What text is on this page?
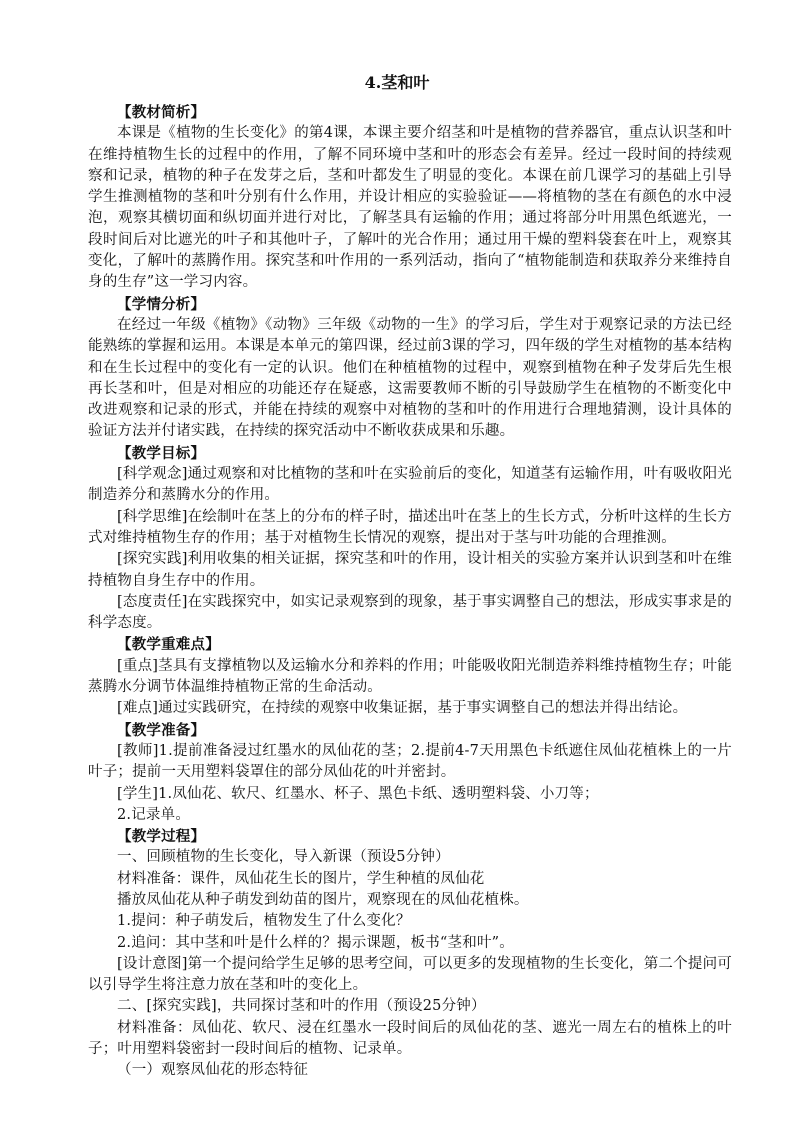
4.茎和叶

【教材简析】

本课是《植物的生长变化》的第4课，本课主要介绍茎和叶是植物的营养器官，重点认识茎和叶在维持植物生长的过程中的作用，了解不同环境中茎和叶的形态会有差异。经过一段时间的持续观察和记录，植物的种子在发芽之后，茎和叶都发生了明显的变化。本课在前几课学习的基础上引导学生推测植物的茎和叶分别有什么作用，并设计相应的实验验证——将植物的茎在有颜色的水中浸泡，观察其横切面和纵切面并进行对比，了解茎具有运输的作用；通过将部分叶用黑色纸遮光，一段时间后对比遮光的叶子和其他叶子，了解叶的光合作用；通过用干燥的塑料袋套在叶上，观察其变化，了解叶的蒸腾作用。探究茎和叶作用的一系列活动，指向了“植物能制造和获取养分来维持自身的生存”这一学习内容。

【学情分析】

在经过一年级《植物》《动物》三年级《动物的一生》的学习后，学生对于观察记录的方法已经能熟练的掌握和运用。本课是本单元的第四课，经过前3课的学习，四年级的学生对植物的基本结构和在生长过程中的变化有一定的认识。他们在种植植物的过程中，观察到植物在种子发芽后先生根再长茎和叶，但是对相应的功能还存在疑惑，这需要教师不断的引导鼓励学生在植物的不断变化中改进观察和记录的形式，并能在持续的观察中对植物的茎和叶的作用进行合理地猜测，设计具体的验证方法并付诸实践，在持续的探究活动中不断收获成果和乐趣。

【教学目标】

[科学观念]通过观察和对比植物的茎和叶在实验前后的变化，知道茎有运输作用，叶有吸收阳光制造养分和蒸腾水分的作用。

[科学思维]在绘制叶在茎上的分布的样子时，描述出叶在茎上的生长方式，分析叶这样的生长方式对维持植物生存的作用；基于对植物生长情况的观察，提出对于茎与叶功能的合理推测。

[探究实践]利用收集的相关证据，探究茎和叶的作用，设计相关的实验方案并认识到茎和叶在维持植物自身生存中的作用。

[态度责任]在实践探究中，如实记录观察到的现象，基于事实调整自己的想法，形成实事求是的科学态度。

【教学重难点】

[重点]茎具有支撑植物以及运输水分和养料的作用；叶能吸收阳光制造养料维持植物生存；叶能蒸腾水分调节体温维持植物正常的生命活动。

[难点]通过实践研究，在持续的观察中收集证据，基于事实调整自己的想法并得出结论。

【教学准备】

[教师]1.提前准备浸过红墨水的凤仙花的茎；2.提前4-7天用黑色卡纸遮住凤仙花植株上的一片叶子；提前一天用塑料袋罩住的部分凤仙花的叶并密封。

[学生]1.凤仙花、软尺、红墨水、杯子、黑色卡纸、透明塑料袋、小刀等；

2.记录单。

【教学过程】

一、回顾植物的生长变化，导入新课（预设5分钟）

材料准备：课件，凤仙花生长的图片，学生种植的凤仙花

播放凤仙花从种子萌发到幼苗的图片，观察现在的凤仙花植株。

1.提问：种子萌发后，植物发生了什么变化？

2.追问：其中茎和叶是什么样的？揭示课题，板书“茎和叶”。

[设计意图]第一个提问给学生足够的思考空间，可以更多的发现植物的生长变化，第二个提问可以引导学生将注意力放在茎和叶的变化上。

二、[探究实践]，共同探讨茎和叶的作用（预设25分钟）

材料准备：凤仙花、软尺、浸在红墨水一段时间后的凤仙花的茎、遮光一周左右的植株上的叶子；叶用塑料袋密封一段时间后的植物、记录单。

（一）观察凤仙花的形态特征
